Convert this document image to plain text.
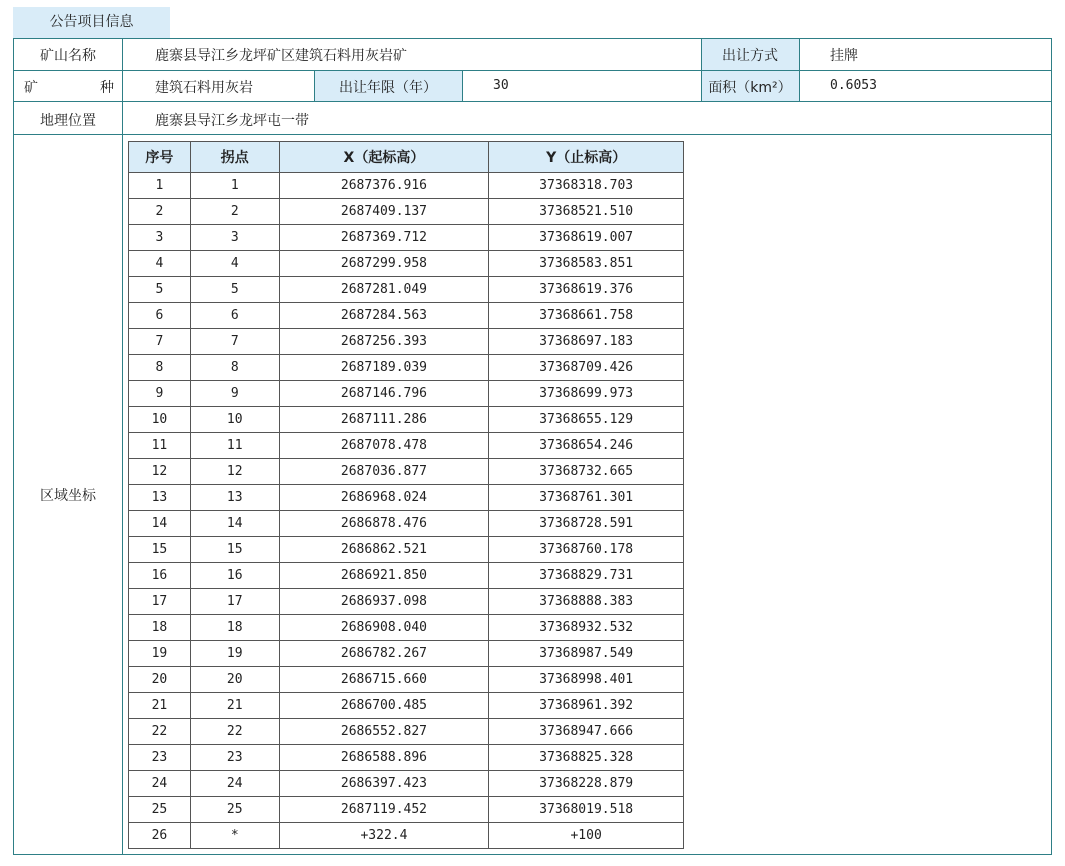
公告项目信息
矿山名称	鹿寨县导江乡龙坪矿区建筑石料用灰岩矿	出让方式	挂牌
矿	种	建筑石料用灰岩	出让年限（年）	30	面积（km²）	0.6053
地理位置	鹿寨县导江乡龙坪屯一带
区域坐标
序号	拐点	X（起标高）	Y（止标高）
1	1	2687376.916	37368318.703
2	2	2687409.137	37368521.510
3	3	2687369.712	37368619.007
4	4	2687299.958	37368583.851
5	5	2687281.049	37368619.376
6	6	2687284.563	37368661.758
7	7	2687256.393	37368697.183
8	8	2687189.039	37368709.426
9	9	2687146.796	37368699.973
10	10	2687111.286	37368655.129
11	11	2687078.478	37368654.246
12	12	2687036.877	37368732.665
13	13	2686968.024	37368761.301
14	14	2686878.476	37368728.591
15	15	2686862.521	37368760.178
16	16	2686921.850	37368829.731
17	17	2686937.098	37368888.383
18	18	2686908.040	37368932.532
19	19	2686782.267	37368987.549
20	20	2686715.660	37368998.401
21	21	2686700.485	37368961.392
22	22	2686552.827	37368947.666
23	23	2686588.896	37368825.328
24	24	2686397.423	37368228.879
25	25	2687119.452	37368019.518
26	*	+322.4	+100
